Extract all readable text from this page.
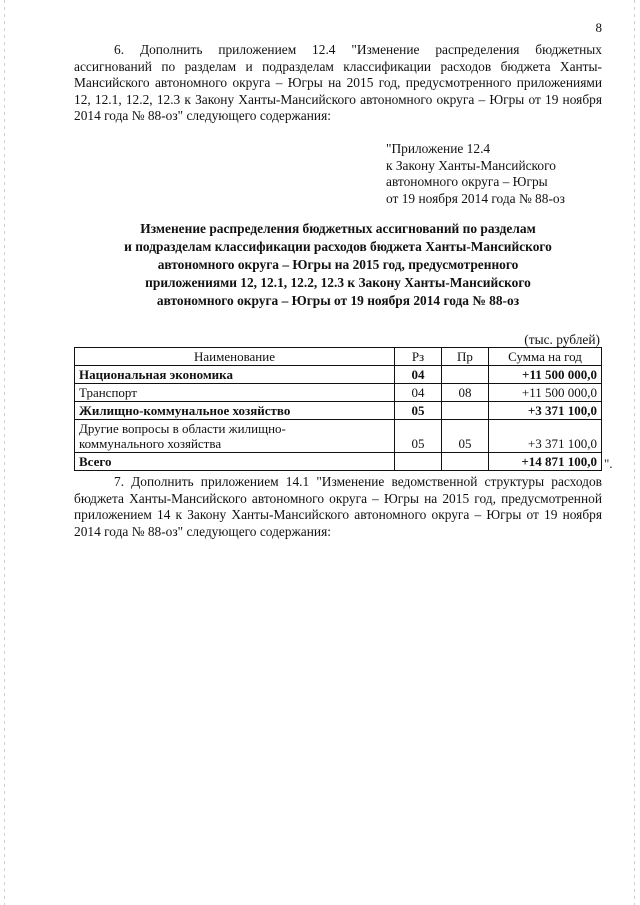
8

6. Дополнить приложением 12.4 "Изменение распределения бюджетных ассигнований по разделам и подразделам классификации расходов бюджета Ханты-Мансийского автономного округа – Югры на 2015 год, предусмотренного приложениями 12, 12.1, 12.2, 12.3 к Закону Ханты-Мансийского автономного округа – Югры от 19 ноября 2014 года № 88-оз" следующего содержания:

"Приложение 12.4
к Закону Ханты-Мансийского
автономного округа – Югры
от 19 ноября 2014 года № 88-оз
Изменение распределения бюджетных ассигнований по разделам
и подразделам классификации расходов бюджета Ханты-Мансийского
автономного округа – Югры на 2015 год, предусмотренного
приложениями 12, 12.1, 12.2, 12.3 к Закону Ханты-Мансийского
автономного округа – Югры от 19 ноября 2014 года № 88-оз
(тыс. рублей)
Наименование	Рз	Пр	Сумма на год
Национальная экономика	04		+11 500 000,0
Транспорт	04	08	+11 500 000,0
Жилищно-коммунальное хозяйство	05		+3 371 100,0

Другие вопросы в области жилищно-
коммунального хозяйства	05	05	+3 371 100,0
Всего			+14 871 100,0 ".

7. Дополнить приложением 14.1 "Изменение ведомственной структуры расходов бюджета Ханты-Мансийского автономного округа – Югры на 2015 год, предусмотренной приложением 14 к Закону Ханты-Мансийского автономного округа – Югры от 19 ноября 2014 года № 88-оз" следующего содержания:
